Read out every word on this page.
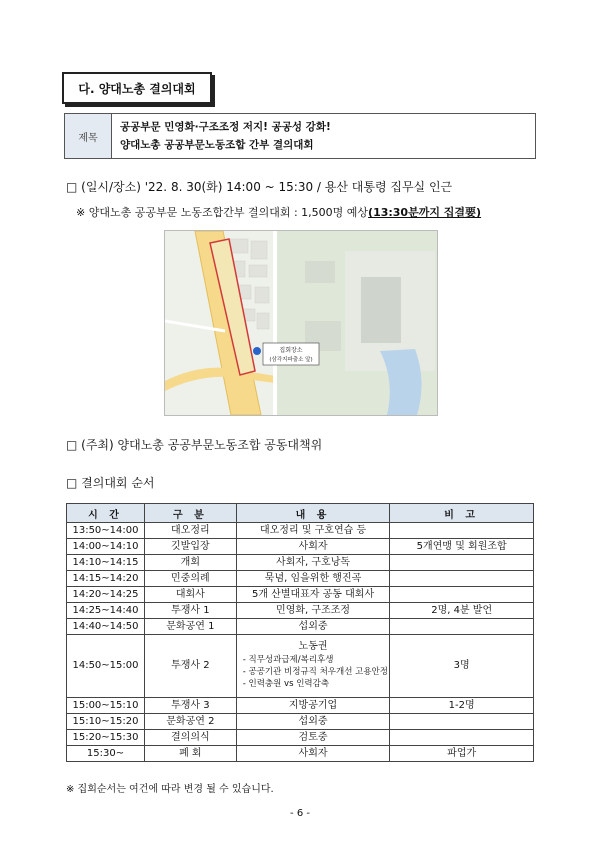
다. 양대노총 결의대회
제목
공공부문 민영화·구조조정 저지! 공공성 강화!
양대노총 공공부문노동조합 간부 결의대회
□ (일시/장소) '22. 8. 30(화) 14:00 ~ 15:30 / 용산 대통령 집무실 인근
※ 양대노총 공공부문 노동조합간부 결의대회 : 1,500명 예상(13:30분까지 집결要)
집회장소
(삼각지파출소 앞)
□ (주최) 양대노총 공공부문노동조합 공동대책위
□ 결의대회 순서
시 간	구 분	내 용	비 고
13:50~14:00	대오정리	대오정리 및 구호연습 등	
14:00~14:10	깃발입장	사회자	5개연맹 및 회원조합
14:10~14:15	개회	사회자, 구호낭독	
14:15~14:20	민중의례	묵념, 임을위한 행진곡	
14:20~14:25	대회사	5개 산별대표자 공동 대회사	
14:25~14:40	투쟁사 1	민영화, 구조조정	2명, 4분 발언
14:40~14:50	문화공연 1	섭외중	
14:50~15:00	투쟁사 2	노동권
- 직무성과급제/복리후생
- 공공기관 비정규직 처우개선 고용안정
- 인력충원 vs 인력감축	3명
15:00~15:10	투쟁사 3	지방공기업	1-2명
15:10~15:20	문화공연 2	섭외중	
15:20~15:30	결의의식	검토중	
15:30~	폐 회	사회자	파업가
※ 집회순서는 여건에 따라 변경 될 수 있습니다.
- 6 -
